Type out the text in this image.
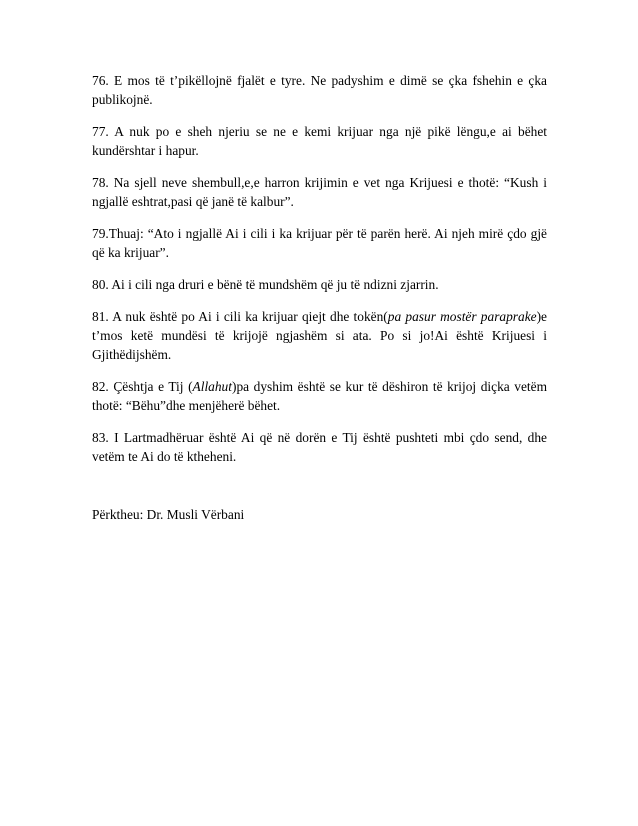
76. E mos të t’pikëllojnë fjalët e tyre. Ne padyshim e dimë se çka fshehin e çka publikojnë.

77. A nuk po e sheh njeriu se ne e kemi krijuar nga një pikë lëngu,e ai bëhet kundërshtar i hapur.

78. Na sjell neve shembull,e,e harron krijimin e vet nga Krijuesi e thotë: “Kush i ngjallë eshtrat,pasi që janë të kalbur”.

79.Thuaj: “Ato i ngjallë Ai i cili i ka krijuar për të parën herë. Ai njeh mirë çdo gjë që ka krijuar”.

80. Ai i cili nga druri e bënë të mundshëm që ju të ndizni zjarrin.

81. A nuk është po Ai i cili ka krijuar qiejt dhe tokën(pa pasur mostër paraprake)e t’mos ketë mundësi të krijojë ngjashëm si ata. Po si jo!Ai është Krijuesi i Gjithëdijshëm.

82. Çështja e Tij (Allahut)pa dyshim është se kur të dëshiron të krijoj diçka vetëm thotë: “Bëhu”dhe menjëherë bëhet.

83. I Lartmadhëruar është Ai që në dorën e Tij është pushteti mbi çdo send, dhe vetëm te Ai do të ktheheni.

Përktheu: Dr. Musli Vërbani
